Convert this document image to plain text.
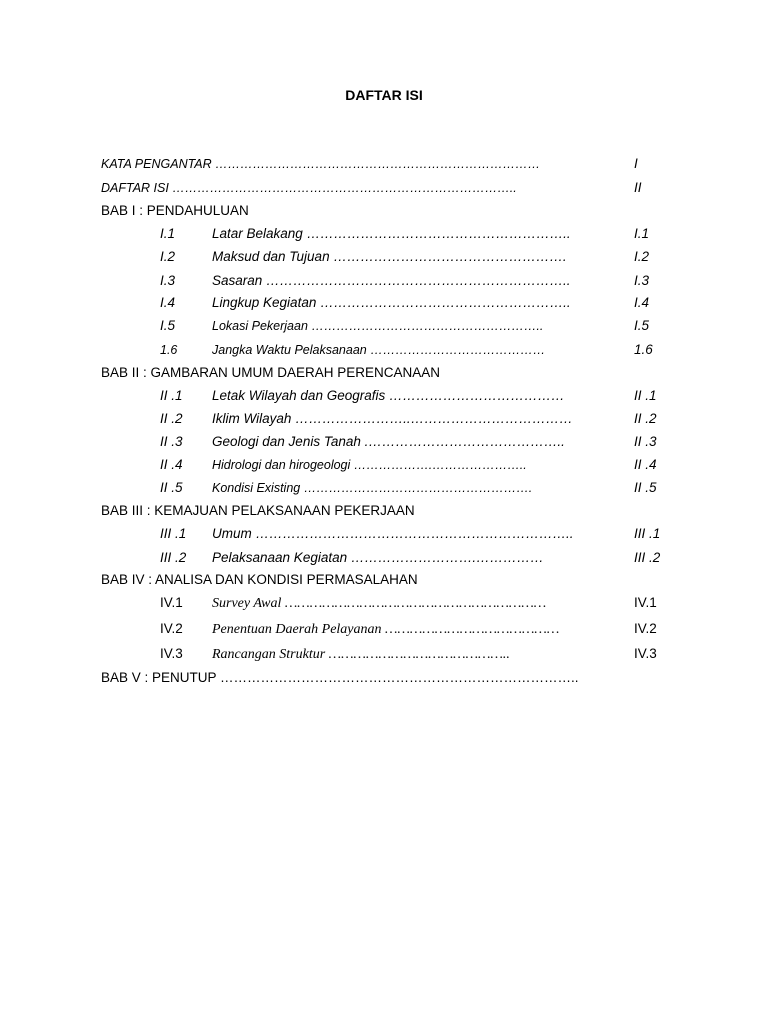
DAFTAR ISI
KATA PENGANTAR ……………………………………………………………………	I
DAFTAR ISI ………………………………………………………………………..	II
BAB I : PENDAHULUAN
I.1	Latar Belakang …………………………………………………..	I.1
I.2	Maksud dan Tujuan …………………………………………….	I.2
I.3	Sasaran …………………………………………………………..	I.3
I.4	Lingkup Kegiatan ………………………………………………..	I.4
I.5	Lokasi Pekerjaan ………………………………………………..	I.5
1.6	Jangka Waktu Pelaksanaan ……………………………………	1.6
BAB II : GAMBARAN UMUM DAERAH PERENCANAAN
II .1 Letak Wilayah dan Geografis …………………………………	II .1
II .2 Iklim Wilayah ……………………..………………………………	II .2
II .3 Geologi dan Jenis Tanah .……………………………………..	II .3
II .4 Hidrologi dan hirogeologi ……………….…………………..	II .4
II .5 Kondisi Existing ……………………………………………….	II .5
BAB III : KEMAJUAN PELAKSANAAN PEKERJAAN
III .1 Umum ……………………………………………………………..	III .1
III .2 Pelaksanaan Kegiatan ……………………….……………	III .2
BAB IV : ANALISA DAN KONDISI PERMASALAHAN
IV.1 Survey Awal ………………………………………………………	IV.1
IV.2 Penentuan Daerah Pelayanan ……………………………………	IV.2
IV.3 Rancangan Struktur ……………………………………..	IV.3
BAB V : PENUTUP ……………………………………………………………………..
